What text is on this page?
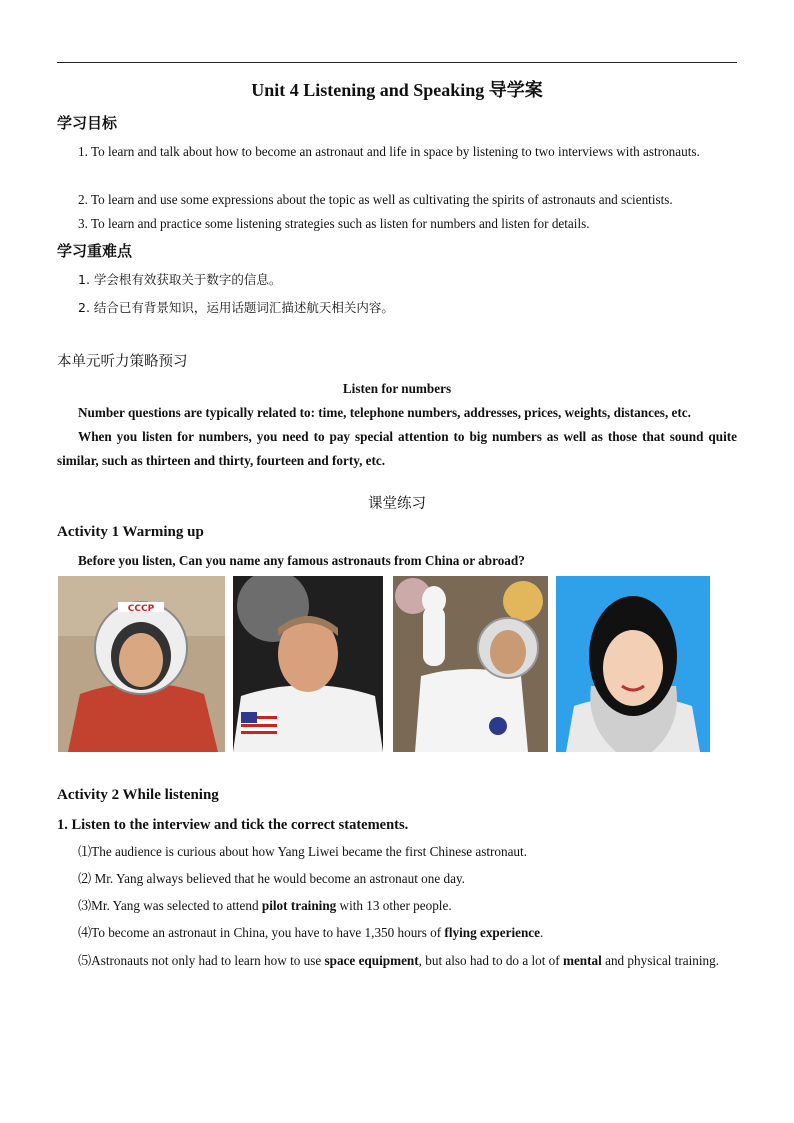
Unit 4 Listening and Speaking 导学案
学习目标
1. To learn and talk about how to become an astronaut and life in space by listening to two interviews with astronauts.
2. To learn and use some expressions about the topic as well as cultivating the spirits of astronauts and scientists.
3. To learn and practice some listening strategies such as listen for numbers and listen for details.
学习重难点
1. 学会根有效获取关于数字的信息。
2. 结合已有背景知识，运用话题词汇描述航天相关内容。
本单元听力策略预习
Listen for numbers
Number questions are typically related to: time, telephone numbers, addresses, prices, weights, distances, etc.
When you listen for numbers, you need to pay special attention to big numbers as well as those that sound quite similar, such as thirteen and thirty, fourteen and forty, etc.
课堂练习
Activity 1 Warming up
Before you listen, Can you name any famous astronauts from China or abroad?
CCCP
Activity 2 While listening
1. Listen to the interview and tick the correct statements.
⑴The audience is curious about how Yang Liwei became the first Chinese astronaut.
⑵ Mr. Yang always believed that he would become an astronaut one day.
⑶Mr. Yang was selected to attend pilot training with 13 other people.
⑷To become an astronaut in China, you have to have 1,350 hours of flying experience.
⑸Astronauts not only had to learn how to use space equipment, but also had to do a lot of mental and physical training.
